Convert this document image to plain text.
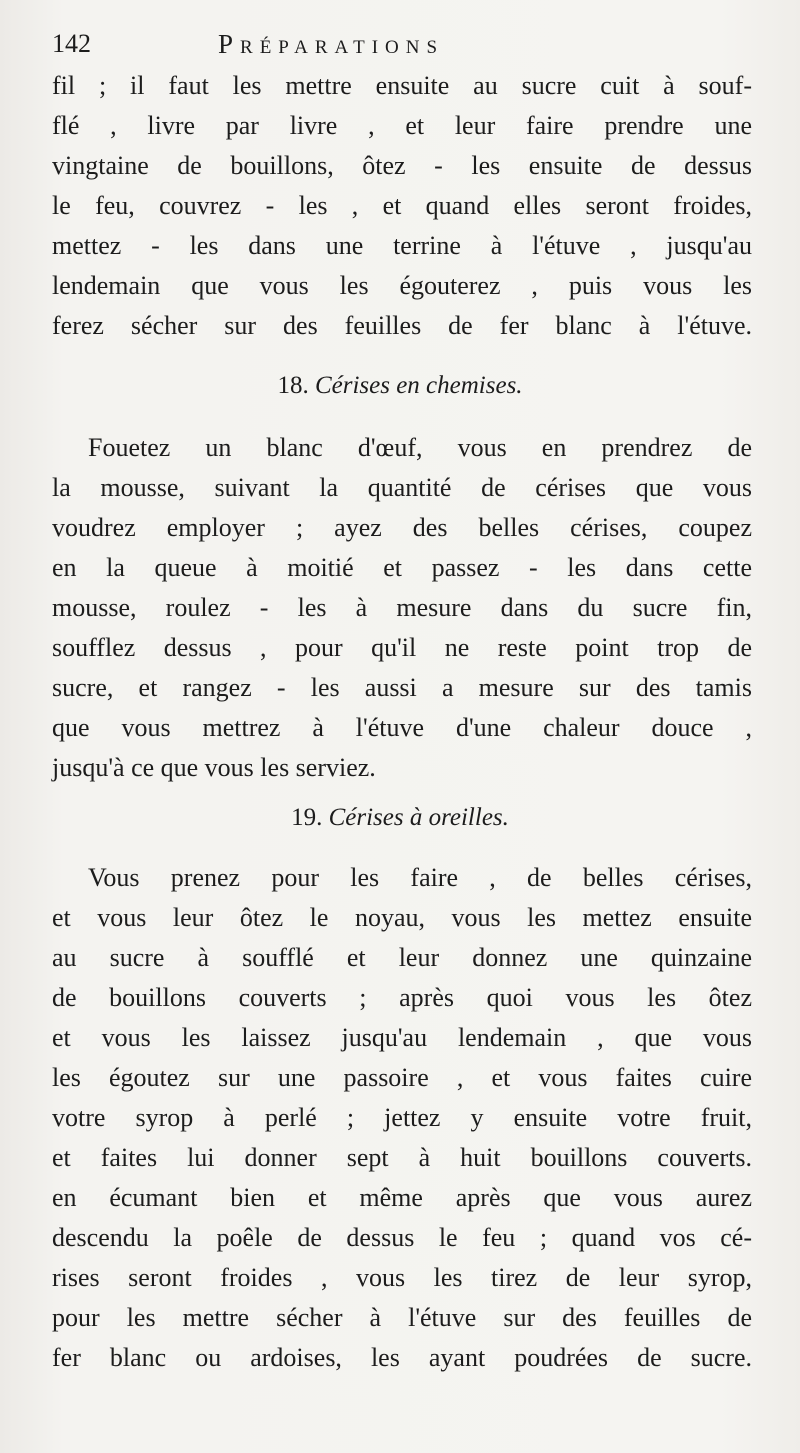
142	Préparations
fil ; il faut les mettre ensuite au sucre cuit à souf-
flé , livre par livre , et leur faire prendre une
vingtaine de bouillons, ôtez - les ensuite de dessus
le feu, couvrez - les , et quand elles seront froides,
mettez - les dans une terrine à l'étuve , jusqu'au
lendemain que vous les égouterez , puis vous les
ferez sécher sur des feuilles de fer blanc à l'étuve.
18. Cérises en chemises.
Fouetez un blanc d'œuf, vous en prendrez de
la mousse, suivant la quantité de cérises que vous
voudrez employer ; ayez des belles cérises, coupez
en la queue à moitié et passez - les dans cette
mousse, roulez - les à mesure dans du sucre fin,
soufflez dessus , pour qu'il ne reste point trop de
sucre, et rangez - les aussi a mesure sur des tamis
que vous mettrez à l'étuve d'une chaleur douce ,
jusqu'à ce que vous les serviez.
19. Cérises à oreilles.
Vous prenez pour les faire , de belles cérises,
et vous leur ôtez le noyau, vous les mettez ensuite
au sucre à soufflé et leur donnez une quinzaine
de bouillons couverts ; après quoi vous les ôtez
et vous les laissez jusqu'au lendemain , que vous
les égoutez sur une passoire , et vous faites cuire
votre syrop à perlé ; jettez y ensuite votre fruit,
et faites lui donner sept à huit bouillons couverts.
en écumant bien et même après que vous aurez
descendu la poêle de dessus le feu ; quand vos cé-
rises seront froides , vous les tirez de leur syrop,
pour les mettre sécher à l'étuve sur des feuilles de
fer blanc ou ardoises, les ayant poudrées de sucre.
